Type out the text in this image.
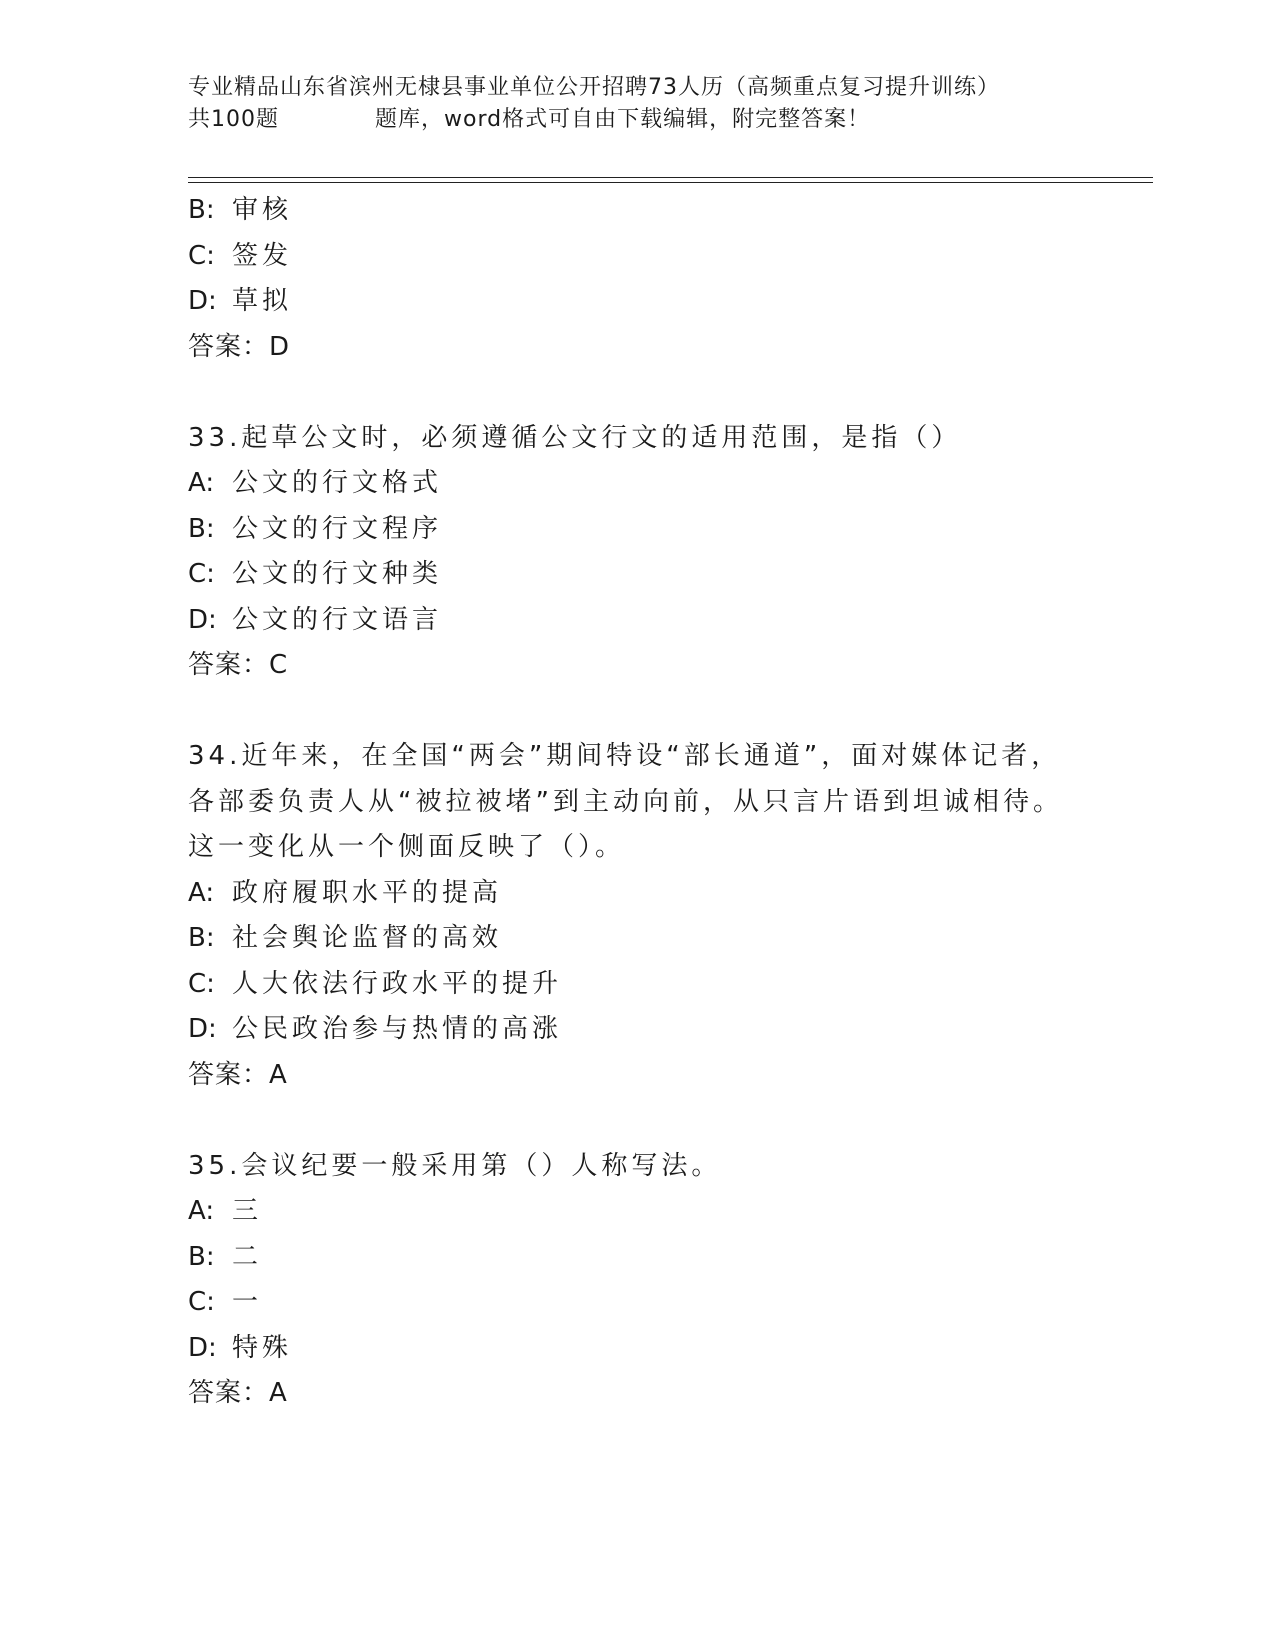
专业精品山东省滨州无棣县事业单位公开招聘73人历（高频重点复习提升训练）
共100题	题库，word格式可自由下载编辑，附完整答案！
B: 审核
C: 签发
D: 草拟
答案：D
33.起草公文时，必须遵循公文行文的适用范围，是指（）
A: 公文的行文格式
B: 公文的行文程序
C: 公文的行文种类
D: 公文的行文语言
答案：C
34.近年来，在全国“两会”期间特设“部长通道”，面对媒体记者，
各部委负责人从“被拉被堵”到主动向前，从只言片语到坦诚相待。
这一变化从一个侧面反映了（）。
A: 政府履职水平的提高
B: 社会舆论监督的高效
C: 人大依法行政水平的提升
D: 公民政治参与热情的高涨
答案：A
35.会议纪要一般采用第（）人称写法。
A: 三
B: 二
C: 一
D: 特殊
答案：A
